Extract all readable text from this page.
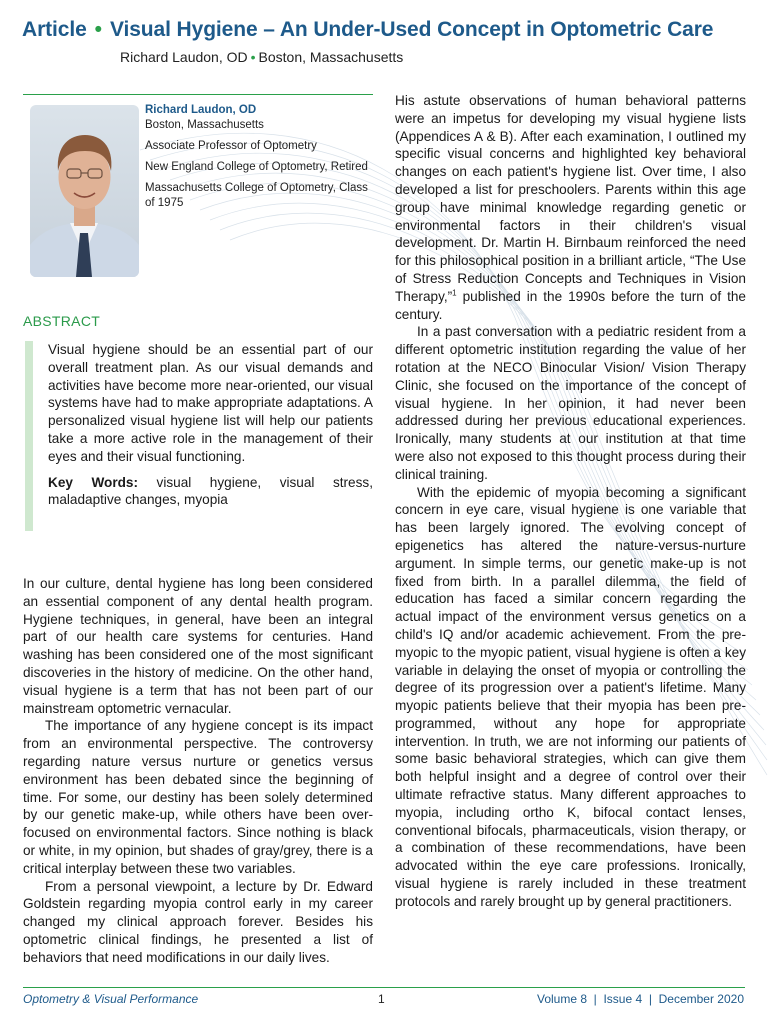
Article • Visual Hygiene – An Under-Used Concept in Optometric Care
Richard Laudon, OD • Boston, Massachusetts

Richard Laudon, OD
Boston, Massachusetts

Associate Professor of Optometry

New England College of Optometry, Retired

Massachusetts College of Optometry, Class of 1975

ABSTRACT

Visual hygiene should be an essential part of our overall treatment plan. As our visual demands and activities have become more near-oriented, our visual systems have had to make appropriate adaptations. A personalized visual hygiene list will help our patients take a more active role in the management of their eyes and their visual functioning.

Key Words: visual hygiene, visual stress, maladaptive changes, myopia

In our culture, dental hygiene has long been considered an essential component of any dental health program. Hygiene techniques, in general, have been an integral part of our health care systems for centuries. Hand washing has been considered one of the most significant discoveries in the history of medicine. On the other hand, visual hygiene is a term that has not been part of our mainstream optometric vernacular.

The importance of any hygiene concept is its impact from an environmental perspective. The controversy regarding nature versus nurture or genetics versus environment has been debated since the beginning of time. For some, our destiny has been solely determined by our genetic make-up, while others have been over-focused on environmental factors. Since nothing is black or white, in my opinion, but shades of gray/grey, there is a critical interplay between these two variables.

From a personal viewpoint, a lecture by Dr. Edward Goldstein regarding myopia control early in my career changed my clinical approach forever. Besides his optometric clinical findings, he presented a list of behaviors that need modifications in our daily lives.

His astute observations of human behavioral patterns were an impetus for developing my visual hygiene lists (Appendices A & B). After each examination, I outlined my specific visual concerns and highlighted key behavioral changes on each patient's hygiene list. Over time, I also developed a list for preschoolers. Parents within this age group have minimal knowledge regarding genetic or environmental factors in their children's visual development. Dr. Martin H. Birnbaum reinforced the need for this philosophical position in a brilliant article, “The Use of Stress Reduction Concepts and Techniques in Vision Therapy,”$^1$ published in the 1990s before the turn of the century.

In a past conversation with a pediatric resident from a different optometric institution regarding the value of her rotation at the NECO Binocular Vision/ Vision Therapy Clinic, she focused on the importance of the concept of visual hygiene. In her opinion, it had never been addressed during her previous educational experiences. Ironically, many students at our institution at that time were also not exposed to this thought process during their clinical training.

With the epidemic of myopia becoming a significant concern in eye care, visual hygiene is one variable that has been largely ignored. The evolving concept of epigenetics has altered the nature-versus-nurture argument. In simple terms, our genetic make-up is not fixed from birth. In a parallel dilemma, the field of education has faced a similar concern regarding the actual impact of the environment versus genetics on a child's IQ and/or academic achievement. From the pre-myopic to the myopic patient, visual hygiene is often a key variable in delaying the onset of myopia or controlling the degree of its progression over a patient's lifetime. Many myopic patients believe that their myopia has been pre-programmed, without any hope for appropriate intervention. In truth, we are not informing our patients of some basic behavioral strategies, which can give them both helpful insight and a degree of control over their ultimate refractive status. Many different approaches to myopia, including ortho K, bifocal contact lenses, conventional bifocals, pharmaceuticals, vision therapy, or a combination of these recommendations, have been advocated within the eye care professions. Ironically, visual hygiene is rarely included in these treatment protocols and rarely brought up by general practitioners.

Optometry & Visual Performance	1	Volume 8  |  Issue 4  |  December 2020
